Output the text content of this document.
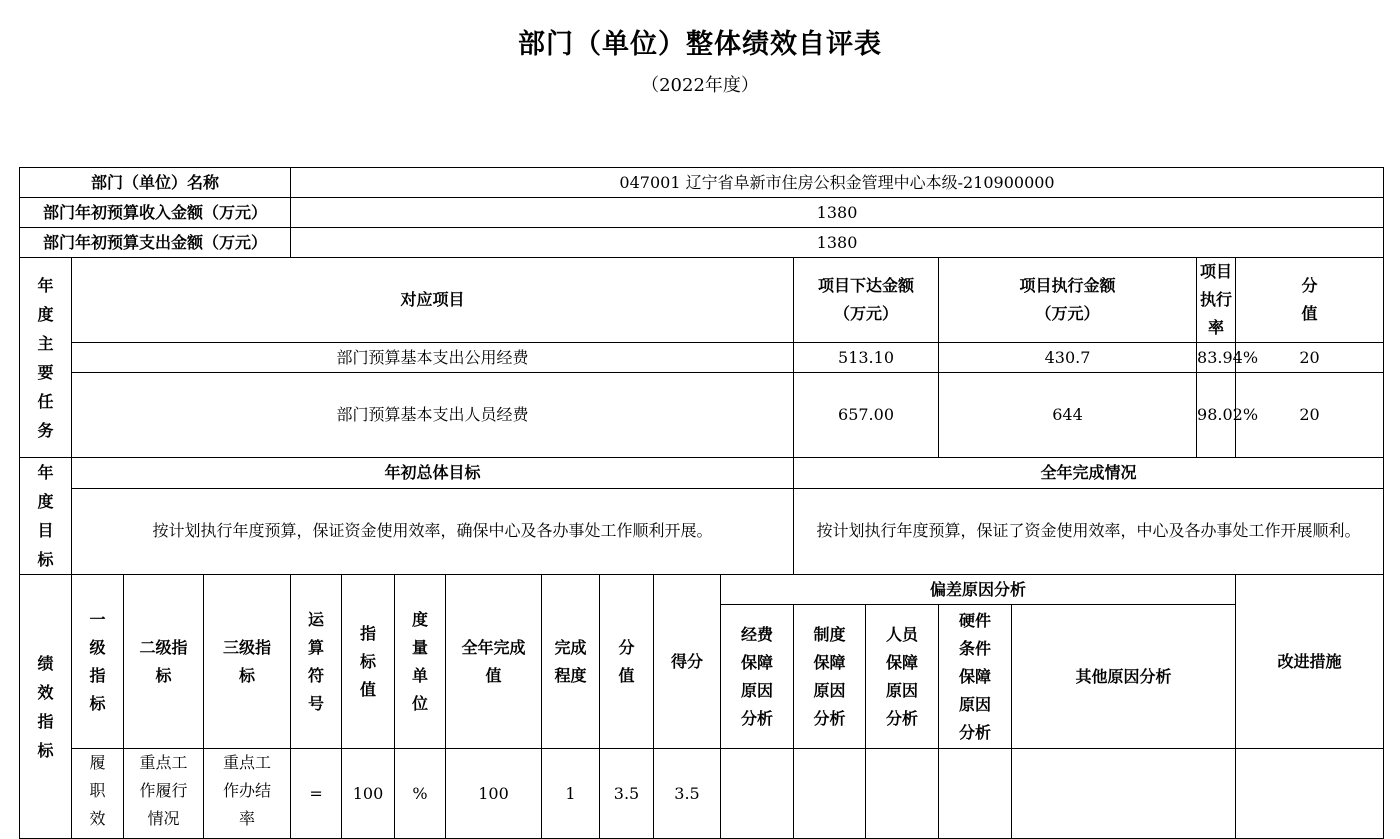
部门（单位）整体绩效自评表
（2022年度）
部门（单位）名称				047001 辽宁省阜新市住房公积金管理中心本级-210900000														
部门年初预算收入金额（万元）				1380														
部门年初预算支出金额（万元）				1380														

年度主要任务	对应项目											项目下达金额（万元）		项目执行金额（万元）		项目执行率	分值

	部门预算基本支出公用经费											513.10		430.7		83.94%	20	
	部门预算基本支出人员经费											657.00		644		98.02%	20	

年度目标	年初总体目标											全年完成情况						
	按计划执行年度预算，保证资金使用效率，确保中心及各办事处工作顺利开展。											按计划执行年度预算，保证了资金使用效率，中心及各办事处工作开展顺利。						

绩效指标	一级指标	二级指标	三级指标	运算符号	指标值	度量单位	全年完成值	完成程度	分值	得分	偏差原因分析						改进措施	

											经费保障原因分析	制度保障原因分析	人员保障原因分析	硬件条件保障原因分析	其他原因分析			

	履职效	重点工作履行情况	重点工作办结率	=	100	%	100	1	3.5	3.5								
